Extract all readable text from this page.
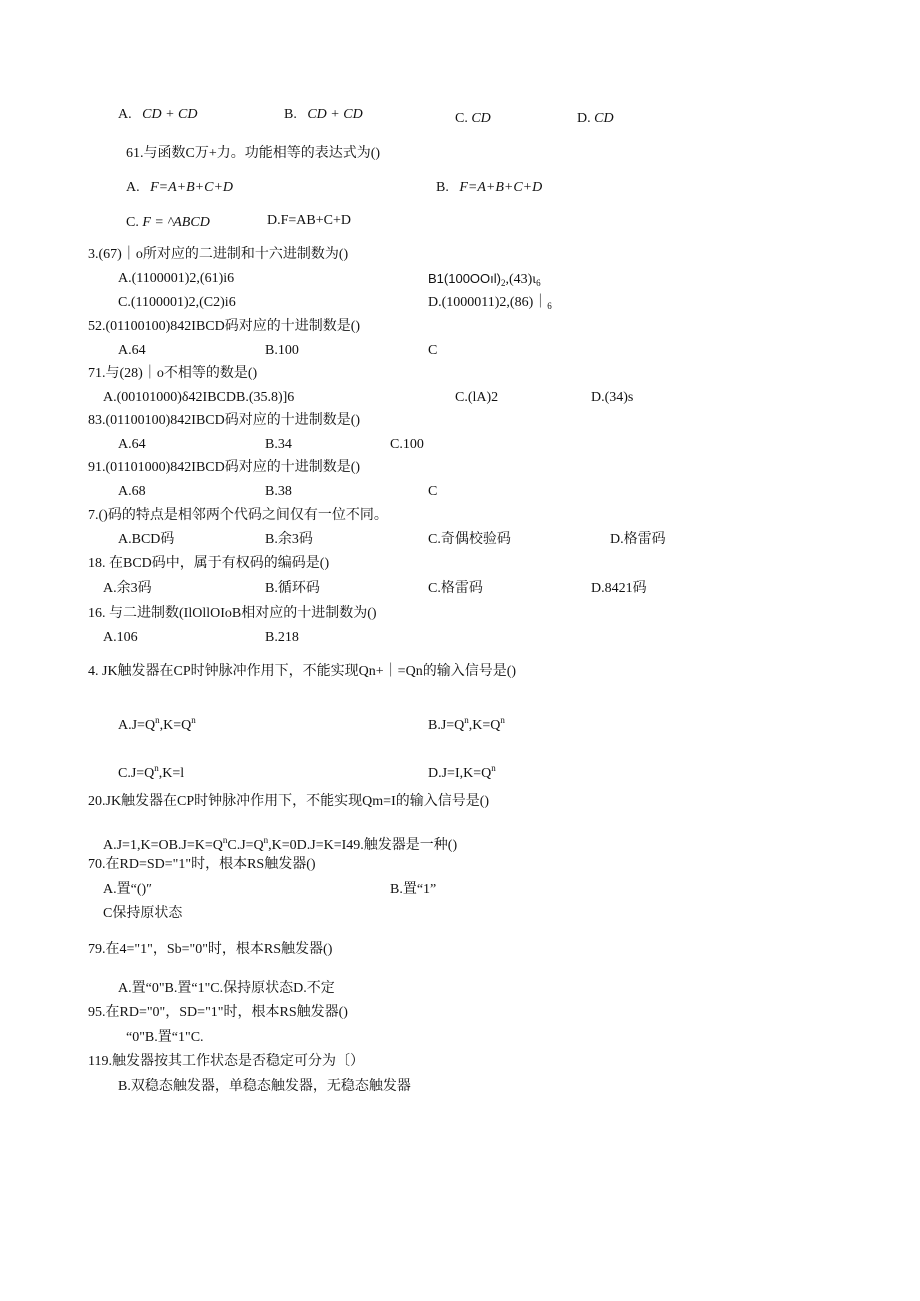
A. CD + CD	B. CD + CD	C. CD	D. CD
61.与函数C万+力。功能相等的表达式为()
A. F=A+B+C+D	B. F=A+B+C+D
C. F = ^ABCD	D.F=AB+C+D
3.(67)｜o所对应的二进制和十六进制数为()
A.(1100001)2,(61)i6	$B1(100OOıl)_2,(43)\iota_6$
C.(1100001)2,(C2)i6	$D.(1000011)2,(86)|_6$
52.(01100100)842IBCD码对应的十进制数是()
A.64	B.100	C
71.与(28)｜o不相等的数是()
A.(00101000)δ42IBCDB.(35.8)]6	C.(lA)2	D.(34)s
83.(01100100)842IBCD码对应的十进制数是()
A.64	B.34	C.100
91.(01101000)842IBCD码对应的十进制数是()
A.68	B.38	C
7.()码的特点是相邻两个代码之间仅有一位不同。
A.BCD码	B.余3码	C.奇偶校验码	D.格雷码
18. 在BCD码中，属于有权码的编码是()
A.余3码	B.循环码	C.格雷码	D.8421码
16. 与二进制数(IlOllOIoB相对应的十进制数为()
A.106	B.218
4. JK触发器在CP时钟脉冲作用下，不能实现Qn+｜=Qn的输入信号是()
$A.J=Q^n,K=Q^n$	$B.J=Q^n,K=Q^n$
$C.J=Q^n,K=l$	$D.J=I,K=Q^n$
20.JK触发器在CP时钟脉冲作用下，不能实现Qm=I的输入信号是()
$A.J=1,K=OB.J=K=Q^nC.J=Q^n,K=0D.J=K=I49$.触发器是一种()
70.在RD=SD="1"时，根本RS触发器()
A.置“()″	B.置“1”
C保持原状态
79.在4="1"，Sb="0"时，根本RS触发器()
A.置“0"B.置“1"C.保持原状态D.不定
95.在RD="0"，SD="1"时，根本RS触发器()
“0"B.置“1"C.
119.触发器按其工作状态是否稳定可分为〔）
B.双稳态触发器，单稳态触发器，无稳态触发器
